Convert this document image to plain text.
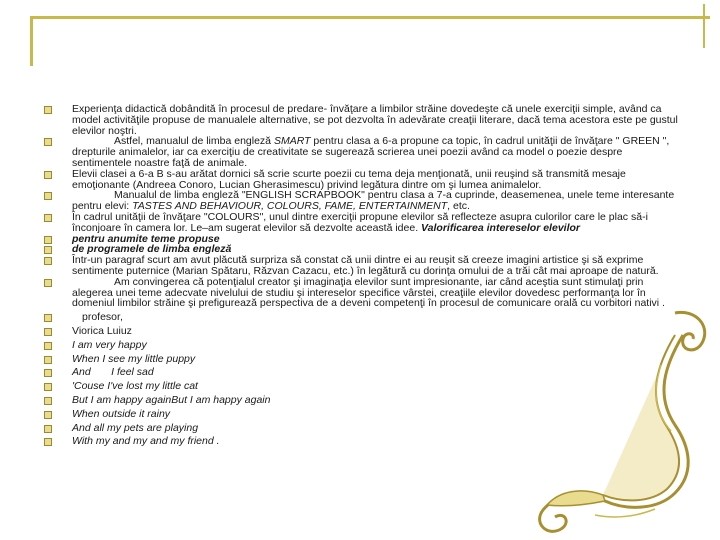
Experienţa didactică dobândită în procesul de predare- învăţare a limbilor străine dovedeşte că unele exerciţii simple, având ca model activităţile propuse de manualele alternative, se pot dezvolta în adevărate creaţii literare, dacă tema acestora este pe gustul elevilor noştri.
Astfel, manualul de limba engleză SMART pentru clasa a 6-a propune ca topic, în cadrul unităţii de învăţare " GREEN ", drepturile animalelor, iar ca exerciţiu de creativitate se sugerează scrierea unei poezii având ca model o poezie despre sentimentele noastre faţă de animale.
Elevii clasei a 6-a B s-au arătat dornici să scrie scurte poezii cu tema deja menţionată, unii reuşind să transmită mesaje emoţionante (Andreea Conoro, Lucian Gherasimescu) privind legătura dintre om şi lumea animalelor.
Manualul de limba engleză "ENGLISH SCRAPBOOK" pentru clasa a 7-a cuprinde, deasemenea, unele teme interesante pentru elevi: TASTES AND BEHAVIOUR, COLOURS, FAME, ENTERTAINMENT, etc.
În cadrul unităţii de învăţare "COLOURS", unul dintre exerciţii propune elevilor să reflecteze asupra culorilor care le plac să-i înconjoare în camera lor. Le–am sugerat elevilor să dezvolte această idee. Valorificarea intereselor elevilor
pentru anumite teme propuse
de programele de limba engleză
Într-un paragraf scurt am avut plăcută surpriza să constat că unii dintre ei au reuşit să creeze imagini artistice şi să exprime sentimente puternice (Marian Spătaru, Răzvan Cazacu, etc.) în legătură cu dorinţa omului de a trăi cât mai aproape de natură.
Am convingerea că potenţialul creator şi imaginaţia elevilor sunt impresionante, iar când aceştia sunt stimulaţi prin alegerea unei teme adecvate nivelului de studiu şi intereselor specifice vârstei, creaţiile elevilor dovedesc performanţa lor în domeniul limbilor străine şi prefigurează perspectiva de a deveni competenţi în procesul de comunicare orală cu vorbitori nativi .
profesor,
Viorica Luiuz
I am very happy
When I see my little puppy
And       I feel sad
'Couse I've lost my little cat
But I am happy againBut I am happy again
When outside it rainy
And all my pets are playing
With my and my and my friend .
